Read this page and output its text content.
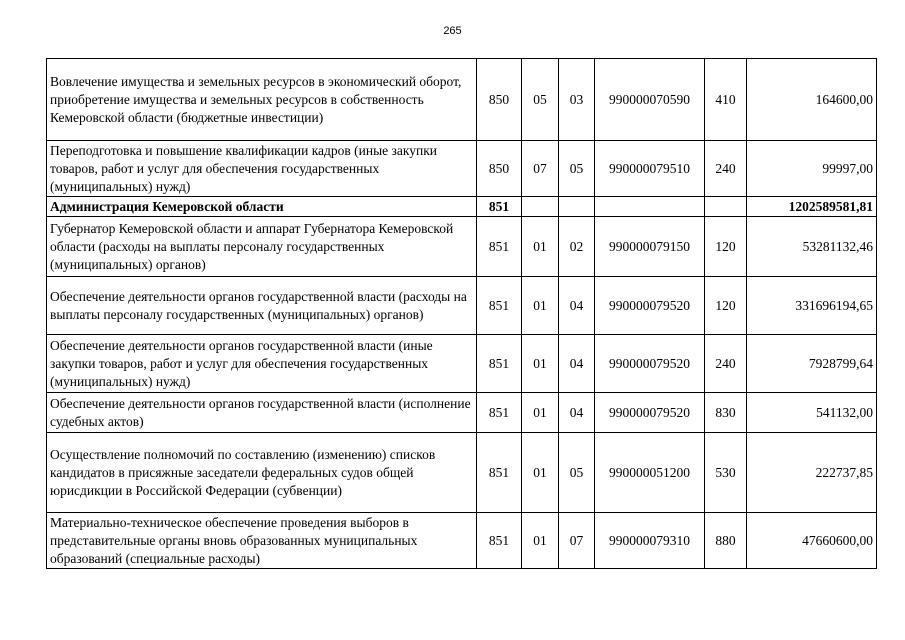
265
Вовлечение имущества и земельных ресурсов в экономический оборот, приобретение имущества и земельных ресурсов в собственность Кемеровской области (бюджетные инвестиции)	850	05	03	990000070590	410	164600,00
Переподготовка и повышение квалификации кадров (иные закупки товаров, работ и услуг для обеспечения государственных (муниципальных) нужд)	850	07	05	990000079510	240	99997,00
Администрация Кемеровской области	851					1202589581,81
Губернатор Кемеровской области и аппарат Губернатора Кемеровской области (расходы на выплаты персоналу государственных (муниципальных) органов)	851	01	02	990000079150	120	53281132,46
Обеспечение деятельности органов государственной власти (расходы на выплаты персоналу государственных (муниципальных) органов)	851	01	04	990000079520	120	331696194,65
Обеспечение деятельности органов государственной власти (иные закупки товаров, работ и услуг для обеспечения государственных (муниципальных) нужд)	851	01	04	990000079520	240	7928799,64
Обеспечение деятельности органов государственной власти (исполнение судебных актов)	851	01	04	990000079520	830	541132,00
Осуществление полномочий по составлению (изменению) списков кандидатов в присяжные заседатели федеральных судов общей юрисдикции в Российской Федерации (субвенции)	851	01	05	990000051200	530	222737,85
Материально-техническое обеспечение проведения выборов в представительные органы вновь образованных муниципальных образований (специальные расходы)	851	01	07	990000079310	880	47660600,00
